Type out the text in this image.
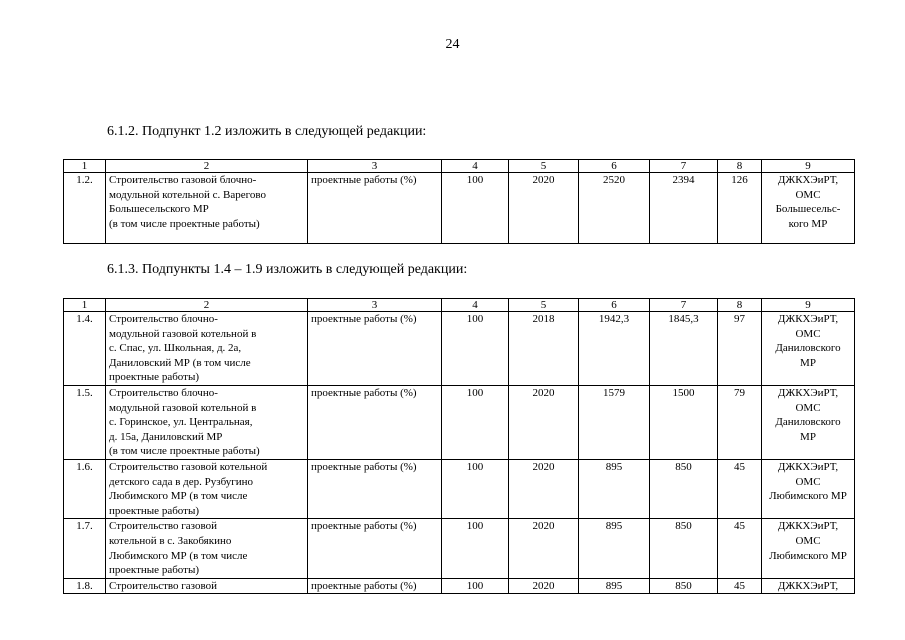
24
6.1.2. Подпункт 1.2 изложить в следующей редакции:
1	2	3	4	5	6	7	8	9
1.2.	Строительство газовой блочно-
модульной котельной с. Варегово
Большесельского МР
(в том числе проектные работы)	проектные работы (%)	100	2020	2520	2394	126	ДЖКХЭиРТ,
ОМС
Большесельс-
кого МР
6.1.3. Подпункты 1.4 – 1.9 изложить в следующей редакции:
1	2	3	4	5	6	7	8	9
1.4.	Строительство блочно-
модульной газовой котельной в
с. Спас, ул. Школьная, д. 2а,
Даниловский МР (в том числе
проектные работы)	проектные работы (%)	100	2018	1942,3	1845,3	97	ДЖКХЭиРТ,
ОМС
Даниловского
МР

1.5.	Строительство блочно-
модульной газовой котельной в
с. Горинское, ул. Центральная,
д. 15а, Даниловский МР
(в том числе проектные работы)	проектные работы (%)	100	2020	1579	1500	79	ДЖКХЭиРТ,
ОМС
Даниловского
МР

1.6.	Строительство газовой котельной
детского сада в дер. Рузбугино
Любимского МР (в том числе
проектные работы)	проектные работы (%)	100	2020	895	850	45	ДЖКХЭиРТ,
ОМС
Любимского МР

1.7.	Строительство газовой
котельной в с. Закобякино
Любимского МР (в том числе
проектные работы)	проектные работы (%)	100	2020	895	850	45	ДЖКХЭиРТ,
ОМС
Любимского МР

1.8.	Строительство газовой	проектные работы (%)	100	2020	895	850	45	ДЖКХЭиРТ,
